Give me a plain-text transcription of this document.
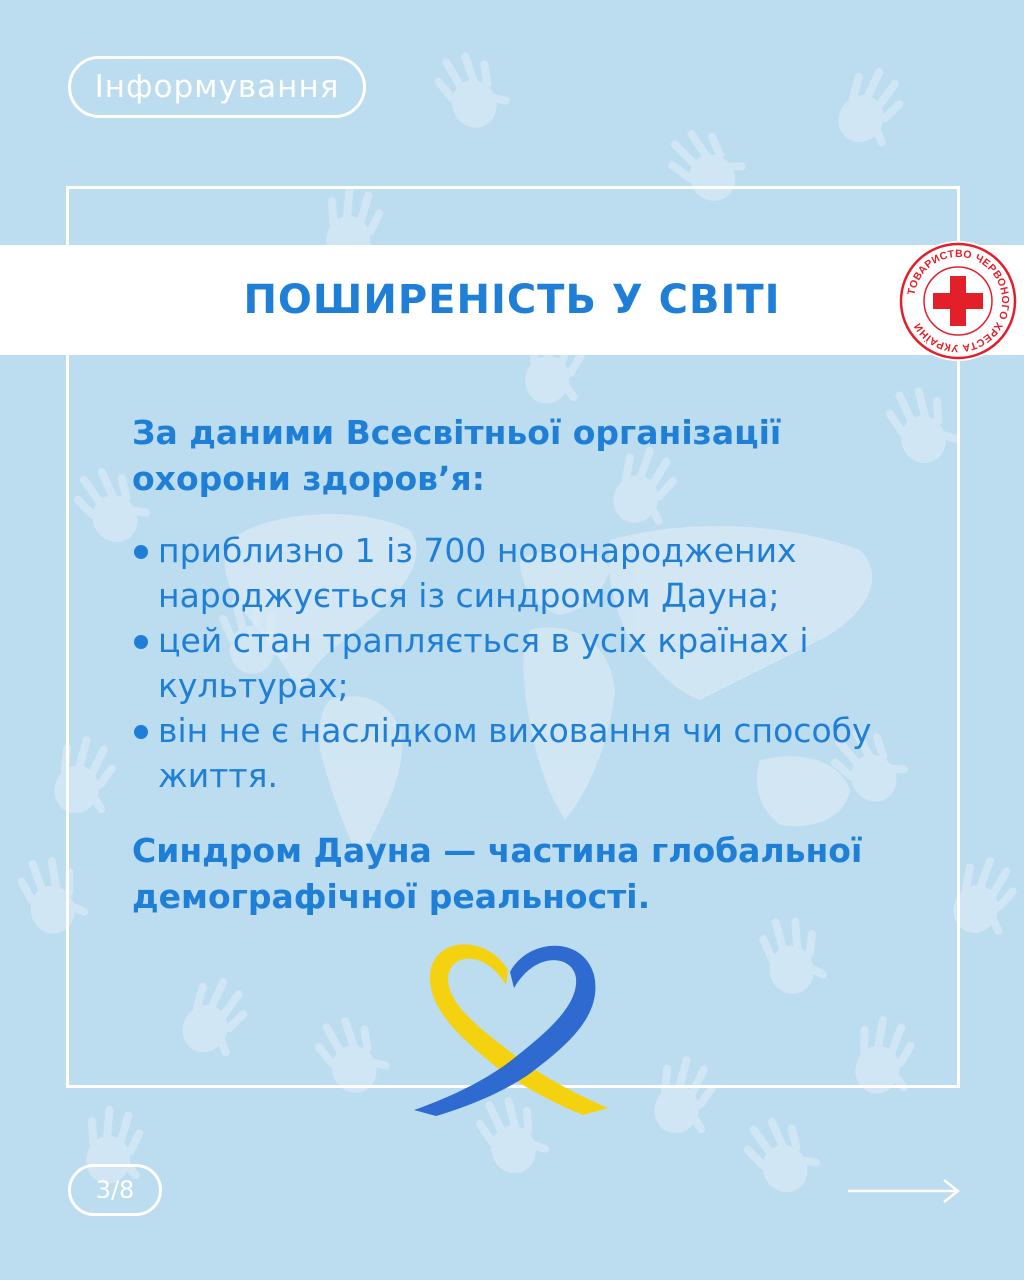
Інформування
ПОШИРЕНІСТЬ У СВІТІ	ТОВАРИСТВО ЧЕРВОНОГО ХРЕСТА УКРАЇНИ

За даними Всесвітньої організації охорони здоров’я:

приблизно 1 із 700 новонароджених народжується із синдромом Дауна;
цей стан трапляється в усіх країнах і культурах;
він не є наслідком виховання чи способу життя.

Синдром Дауна — частина глобальної демографічної реальності.

3/8
